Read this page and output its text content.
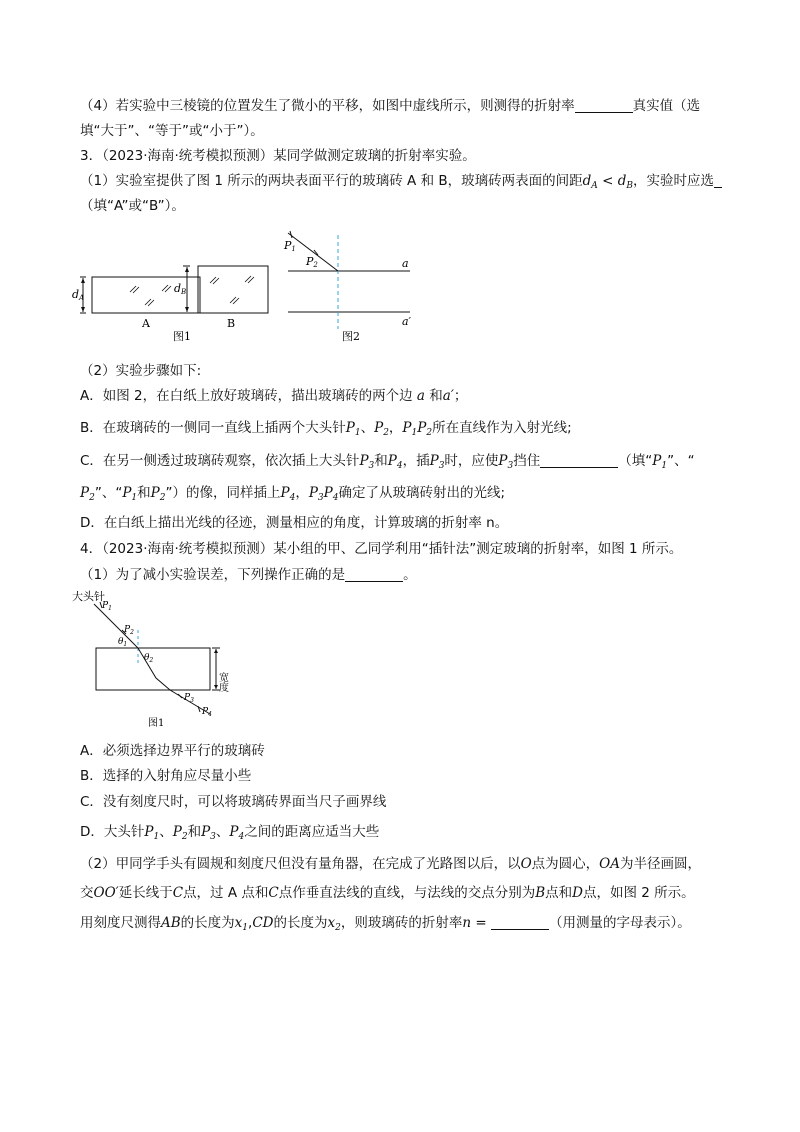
（4）若实验中三棱镜的位置发生了微小的平移，如图中虚线所示，则测得的折射率	真实值（选
填“大于”、“等于”或“小于”）。
3．（2023·海南·统考模拟预测）某同学做测定玻璃的折射率实验。
（1）实验室提供了图 1 所示的两块表面平行的玻璃砖 A 和 B，玻璃砖两表面的间距$d_A < d_B$，实验时应选
（填“A”或“B”）。
dA
A
dB
B
图1
P1
P2	a
a′
图2
（2）实验步骤如下:
A．如图 2，在白纸上放好玻璃砖，描出玻璃砖的两个边 a 和a′；
B．在玻璃砖的一侧同一直线上插两个大头针$P_1$、$P_2$，$P_1P_2$所在直线作为入射光线;
C．在另一侧透过玻璃砖观察，依次插上大头针$P_3$和$P_4$，插$P_3$时，应使$P_3$挡住	（填“$P_1$”、“
$P_2$”、“$P_1$和$P_2$”）的像，同样插上$P_4$，$P_3P_4$确定了从玻璃砖射出的光线;
D．在白纸上描出光线的径迹，测量相应的角度，计算玻璃的折射率 n。
4．（2023·海南·统考模拟预测）某小组的甲、乙同学利用“插针法”测定玻璃的折射率，如图 1 所示。
（1）为了减小实验误差，下列操作正确的是	。
大头针
$P_1$
$P_2$
$P_3$
$P_4$
$\theta_1$
$\theta_2$
宽度
图1
A．必须选择边界平行的玻璃砖
B．选择的入射角应尽量小些
C．没有刻度尺时，可以将玻璃砖界面当尺子画界线
D．大头针$P_1$、$P_2$和$P_3$、$P_4$之间的距离应适当大些
（2）甲同学手头有圆规和刻度尺但没有量角器，在完成了光路图以后，以O点为圆心，OA为半径画圆，
交OO′延长线于C点，过 A 点和C点作垂直法线的直线，与法线的交点分别为B点和D点，如图 2 所示。
用刻度尺测得AB的长度为$x_1,CD$的长度为$x_2$，则玻璃砖的折射率n =	（用测量的字母表示）。
